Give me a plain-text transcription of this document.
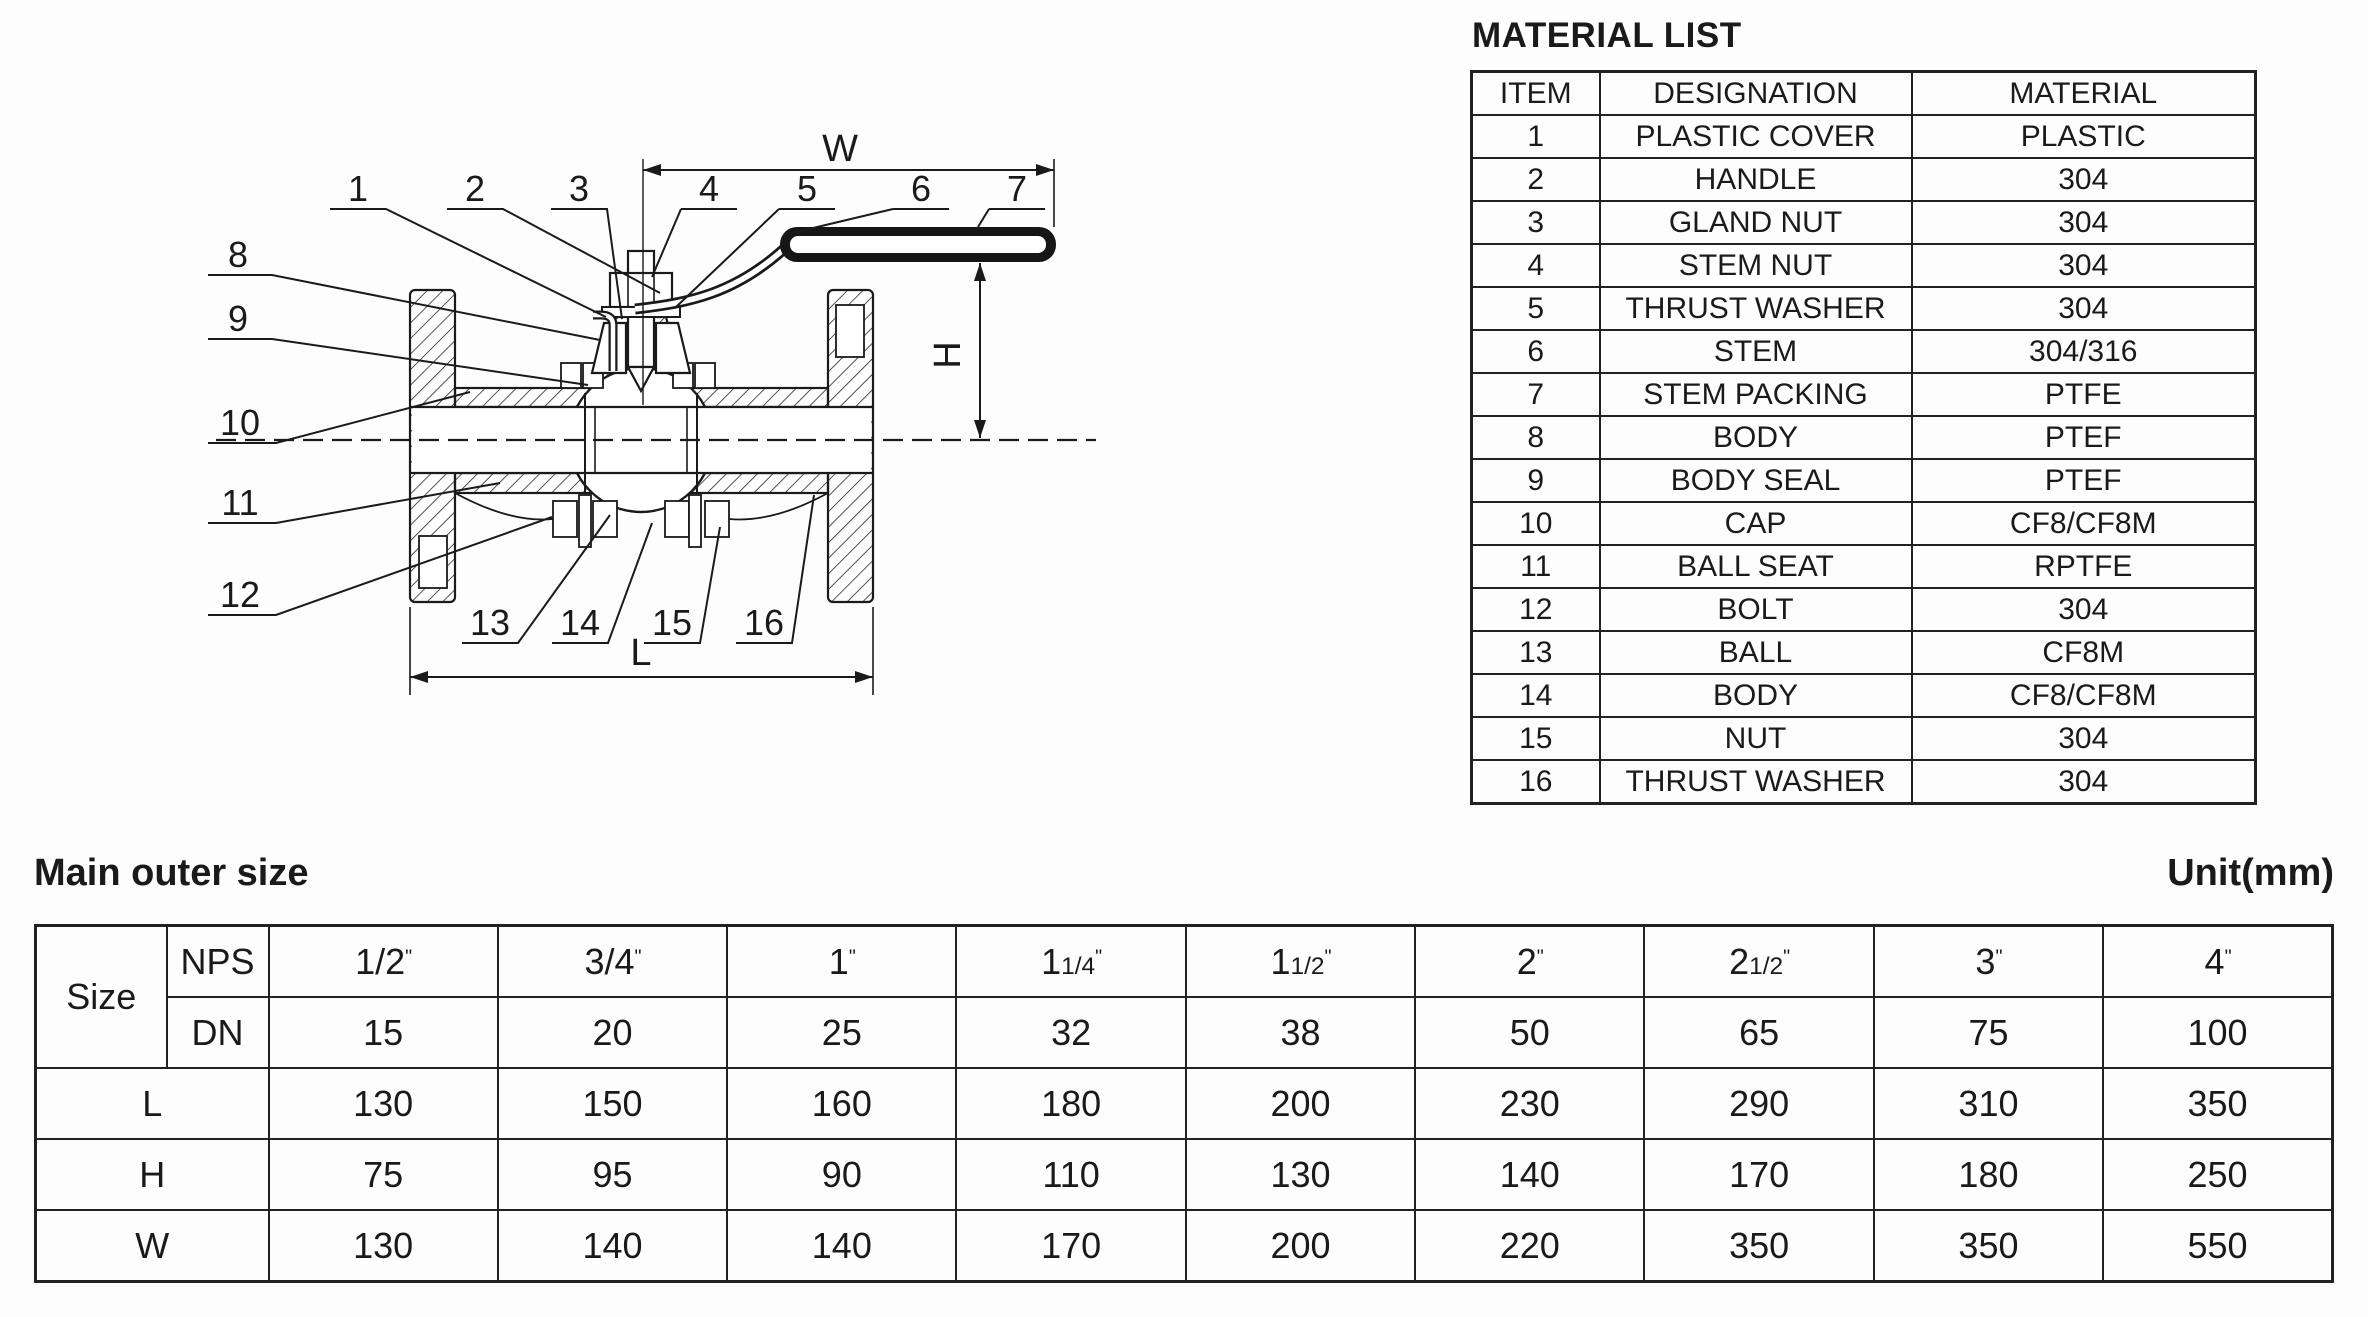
W
H
L
1	2 3	4 5	6 7
8
9
10
11
12
13 14 15 16
MATERIAL LIST
ITEM	DESIGNATION	MATERIAL
1	PLASTIC COVER	PLASTIC
2	HANDLE	304
3	GLAND NUT	304
4	STEM NUT	304
5	THRUST WASHER	304
6	STEM	304/316
7	STEM PACKING	PTFE
8	BODY	PTEF
9	BODY SEAL	PTEF
10	CAP	CF8/CF8M
11	BALL SEAT	RPTFE
12	BOLT	304
13	BALL	CF8M
14	BODY	CF8/CF8M
15	NUT	304
16	THRUST WASHER	304
Main outer size	Unit(mm)
Size	NPS	1/2"	3/4"	1"	11/4"	11/2"	2"	21/2"	3"	4"
	DN	15	20	25	32	38	50	65	75	100
L		130	150	160	180	200	230	290	310	350
H		75	95	90	110	130	140	170	180	250
W		130	140	140	170	200	220	350	350	550
